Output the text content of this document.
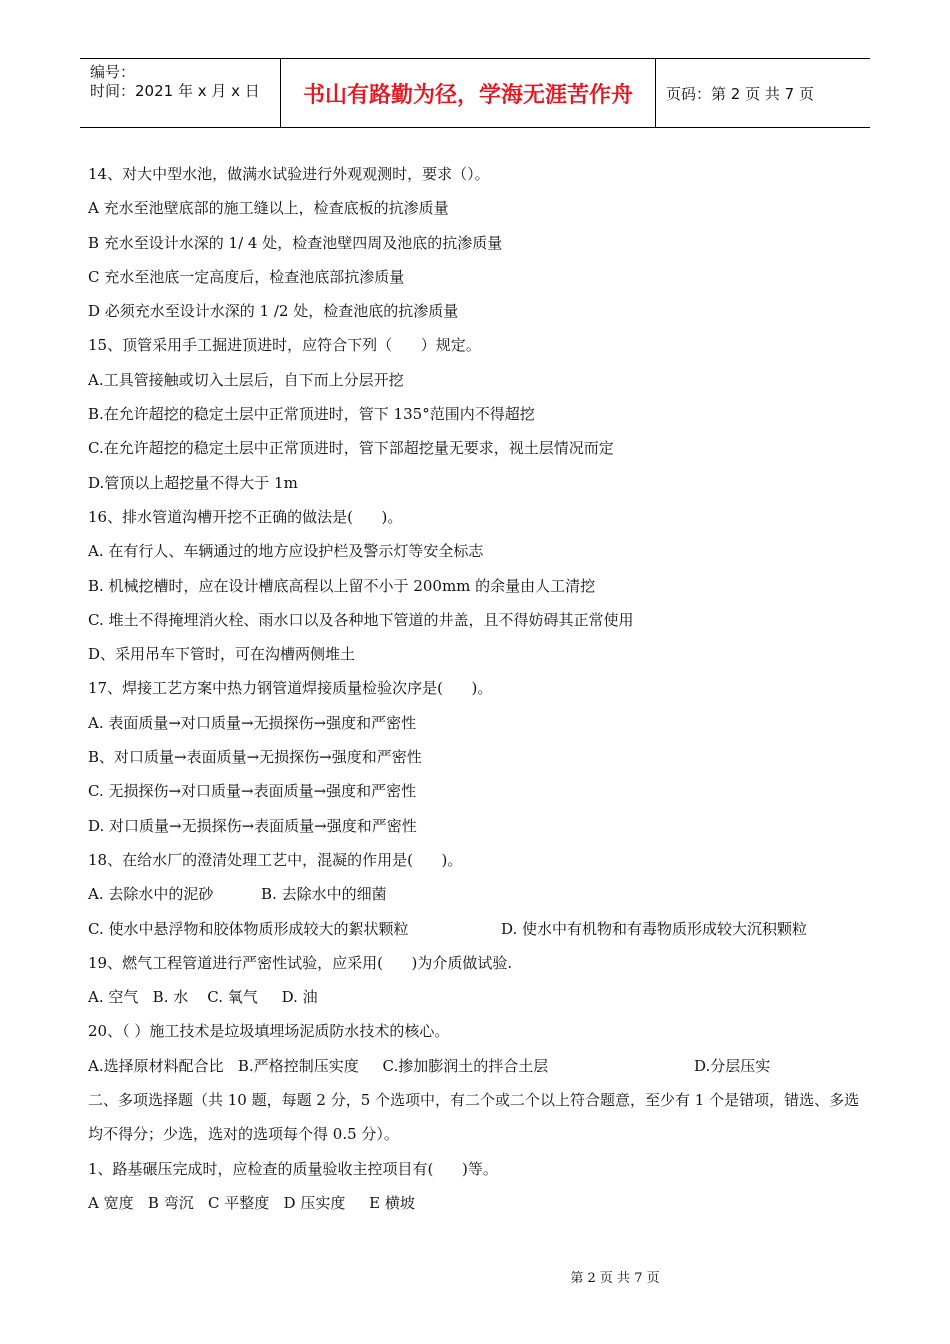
编号：
时间：2021 年 x 月 x 日	书山有路勤为径，学海无涯苦作舟	页码：第 2 页 共 7 页
14、对大中型水池，做满水试验进行外观观测时，要求（）。
A 充水至池壁底部的施工缝以上，检查底板的抗渗质量
B 充水至设计水深的 1/ 4 处，检查池壁四周及池底的抗渗质量
C 充水至池底一定高度后，检查池底部抗渗质量
D 必须充水至设计水深的 1 /2 处，检查池底的抗渗质量
15、顶管采用手工掘进顶进时，应符合下列（      ）规定。
A.工具管接触或切入土层后，自下而上分层开挖
B.在允许超挖的稳定土层中正常顶进时，管下 135°范围内不得超挖
C.在允许超挖的稳定土层中正常顶进时，管下部超挖量无要求，视土层情况而定
D.管顶以上超挖量不得大于 1m
16、排水管道沟槽开挖不正确的做法是(      )。
A. 在有行人、车辆通过的地方应设护栏及警示灯等安全标志
B. 机械挖槽时，应在设计槽底高程以上留不小于 200mm 的余量由人工清挖
C. 堆土不得掩埋消火栓、雨水口以及各种地下管道的井盖，且不得妨碍其正常使用
D、采用吊车下管时，可在沟槽两侧堆土
17、焊接工艺方案中热力钢管道焊接质量检验次序是(      )。
A. 表面质量→对口质量→无损探伤→强度和严密性
B、对口质量→表面质量→无损探伤→强度和严密性
C. 无损探伤→对口质量→表面质量→强度和严密性
D. 对口质量→无损探伤→表面质量→强度和严密性
18、在给水厂的澄清处理工艺中，混凝的作用是(      )。
A. 去除水中的泥砂          B. 去除水中的细菌
C. 使水中悬浮物和胶体物质形成较大的絮状颗粒	D. 使水中有机物和有毒物质形成较大沉积颗粒
19、燃气工程管道进行严密性试验，应采用(      )为介质做试验.
A. 空气   B. 水    C. 氧气     D. 油
20、（ ）施工技术是垃圾填埋场泥质防水技术的核心。
A.选择原材料配合比   B.严格控制压实度     C.掺加膨润土的拌合土层	D.分层压实
二、多项选择题（共 10 题，每题 2 分，5 个选项中，有二个或二个以上符合题意，至少有 1 个是错项，错选、多选均不得分；少选，选对的选项每个得 0.5 分）。
1、路基碾压完成时，应检查的质量验收主控项目有(      )等。
A 宽度   B 弯沉   C 平整度   D 压实度     E 横坡
第 2 页 共 7 页
